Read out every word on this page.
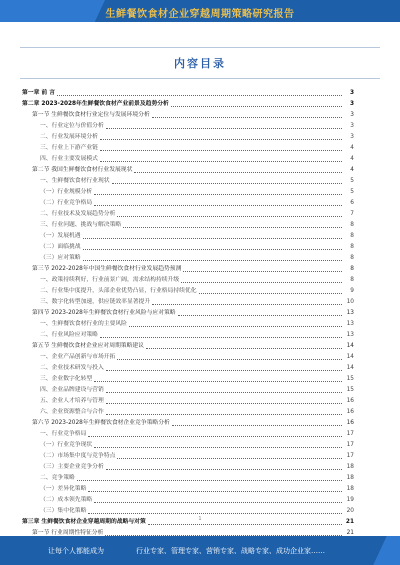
生鲜餐饮食材企业穿越周期策略研究报告
内容目录
第一章 前 言	3
第二章 2023-2028年生鲜餐饮食材产业前景及趋势分析	3
第一节 生鲜餐饮食材行业定位与发展环境分析	3
一、行业定位与价值分析	3
二、行业发展环境分析	3
三、行业上下游产业链	4
四、行业主要发展模式	4
第二节 我国生鲜餐饮食材行业发展现状	4
一、生鲜餐饮食材行业现状	5
（一）行业规模分析	5
（二）行业竞争格局	6
二、行业技术及发展趋势分析	7
三、行业问题、挑战与解决策略	8
（一）发展机遇	8
（二）面临挑战	8
（三）应对策略	8
第三节 2022-2028年中国生鲜餐饮食材行业发展趋势预测	8
一、政策持续利好，行业前景广阔，需求结构持续升级	8
二、行业集中度提升，头部企业优势凸显，行业格局持续优化	9
三、数字化转型加速，供应链效率显著提升	10
第四节 2023-2028年生鲜餐饮食材行业风险与应对策略	13
一、生鲜餐饮食材行业的主要风险	13
二、行业风险应对策略	13
第五节 生鲜餐饮食材企业应对周期策略建议	14
一、企业产品创新与市场开拓	14
二、企业技术研发与投入	14
三、企业数字化转型	15
四、企业品牌建设与营销	15
五、企业人才培养与管理	16
六、企业资源整合与合作	16
第六节 2023-2028年生鲜餐饮食材企业竞争策略分析	16
一、行业竞争格局	17
（一）行业竞争现状	17
（二）市场集中度与竞争特点	17
（三）主要企业竞争分析	18
二、竞争策略	18
（一）差异化策略	18
（二）成本领先策略	19
（三）集中化策略	20
第三章 生鲜餐饮食材企业穿越周期的战略与对策	21
第一节 行业周期性特征分析	21
1
让每个人都能成为	行业专家、管理专家、营销专家、战略专家、成功企业家……
